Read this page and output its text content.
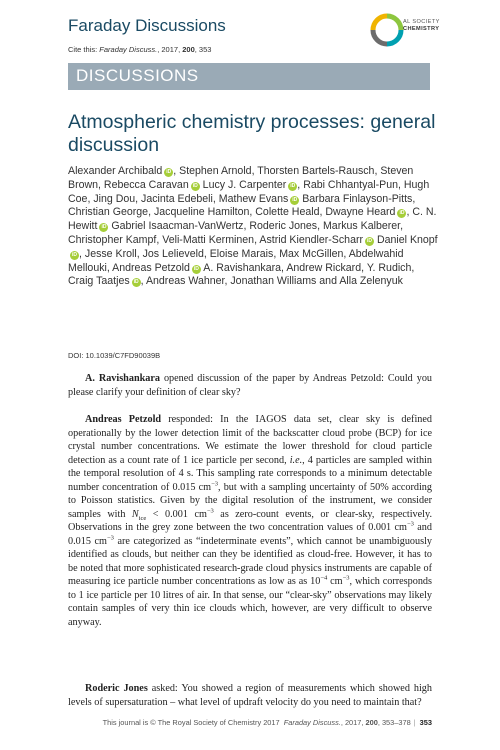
Faraday Discussions
Cite this: Faraday Discuss., 2017, 200, 353
AL SOCIETY
CHEMISTRY
DISCUSSIONS
Atmospheric chemistry processes: general discussion
Alexander Archibald iD , Stephen Arnold, Thorsten Bartels-Rausch, Steven Brown, Rebecca Caravan iD Lucy J. Carpenter iD , Rabi Chhantyal-Pun, Hugh Coe, Jing Dou, Jacinta Edebeli, Mathew Evans iD Barbara Finlayson-Pitts, Christian George, Jacqueline Hamilton, Colette Heald, Dwayne Heard iD , C. N. Hewitt iD Gabriel Isaacman-VanWertz, Roderic Jones, Markus Kalberer, Christopher Kampf, Veli-Matti Kerminen, Astrid Kiendler-Scharr iD Daniel KnopfiD , Jesse Kroll, Jos Lelieveld, Eloise Marais, Max McGillen, Abdelwahid Mellouki, Andreas Petzold iD A. Ravishankara, Andrew Rickard, Y. Rudich, Craig Taatjes iD , Andreas Wahner, Jonathan Williams and Alla Zelenyuk
DOI: 10.1039/C7FD90039B

A. Ravishankara opened discussion of the paper by Andreas Petzold: Could you please clarify your definition of clear sky?

Andreas Petzold responded: In the IAGOS data set, clear sky is defined operationally by the lower detection limit of the backscatter cloud probe (BCP) for ice crystal number concentrations. We estimate the lower threshold for cloud particle detection as a count rate of 1 ice particle per second, i.e., 4 particles are sampled within the temporal resolution of 4 s. This sampling rate corresponds to a minimum detectable number concentration of 0.015 $cm^{-3}$, but with a sampling uncertainty of 50% according to Poisson statistics. Given by the digital resolution of the instrument, we consider samples with $N_{ice} < 0.001$ $cm^{-3}$ as zero-count events, or clear-sky, respectively. Observations in the grey zone between the two concentration values of 0.001 $cm^{-3}$ and 0.015 $cm^{-3}$ are categorized as “indeterminate events”, which cannot be unambiguously identified as clouds, but neither can they be identified as cloud-free. However, it has to be noted that more sophisticated research-grade cloud physics instruments are capable of measuring ice particle number concentrations as low as as $10^{-4}$ $cm^{-3}$, which corresponds to 1 ice particle per 10 litres of air. In that sense, our “clear-sky” observations may likely contain samples of very thin ice clouds which, however, are very difficult to observe anyway.

Roderic Jones asked: You showed a region of measurements which showed high levels of supersaturation – what level of updraft velocity do you need to maintain that?

This journal is © The Royal Society of Chemistry 2017 Faraday Discuss., 2017, 200, 353–378 | 353
